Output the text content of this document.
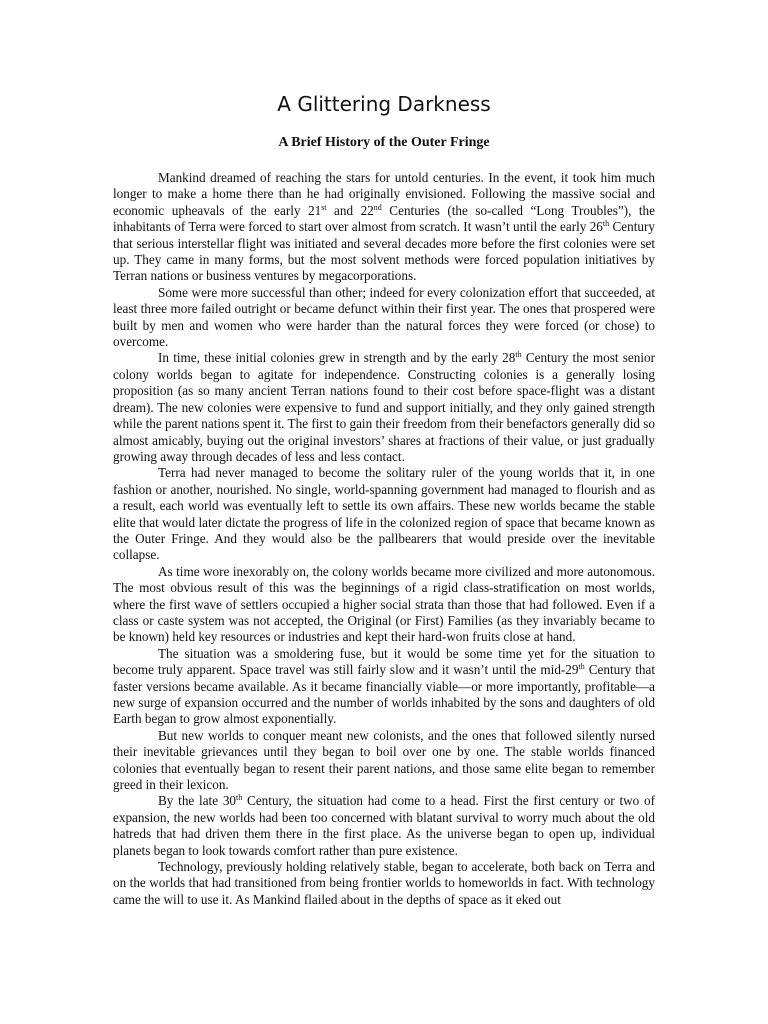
A Glittering Darkness
A Brief History of the Outer Fringe

Mankind dreamed of reaching the stars for untold centuries. In the event, it took him much longer to make a home there than he had originally envisioned. Following the massive social and economic upheavals of the early 21st and 22nd Centuries (the so-called “Long Troubles”), the inhabitants of Terra were forced to start over almost from scratch. It wasn’t until the early 26th Century that serious interstellar flight was initiated and several decades more before the first colonies were set up. They came in many forms, but the most solvent methods were forced population initiatives by Terran nations or business ventures by megacorporations.

Some were more successful than other; indeed for every colonization effort that succeeded, at least three more failed outright or became defunct within their first year. The ones that prospered were built by men and women who were harder than the natural forces they were forced (or chose) to overcome.

In time, these initial colonies grew in strength and by the early 28th Century the most senior colony worlds began to agitate for independence. Constructing colonies is a generally losing proposition (as so many ancient Terran nations found to their cost before space-flight was a distant dream). The new colonies were expensive to fund and support initially, and they only gained strength while the parent nations spent it. The first to gain their freedom from their benefactors generally did so almost amicably, buying out the original investors’ shares at fractions of their value, or just gradually growing away through decades of less and less contact.

Terra had never managed to become the solitary ruler of the young worlds that it, in one fashion or another, nourished. No single, world-spanning government had managed to flourish and as a result, each world was eventually left to settle its own affairs. These new worlds became the stable elite that would later dictate the progress of life in the colonized region of space that became known as the Outer Fringe. And they would also be the pallbearers that would preside over the inevitable collapse.

As time wore inexorably on, the colony worlds became more civilized and more autonomous. The most obvious result of this was the beginnings of a rigid class-stratification on most worlds, where the first wave of settlers occupied a higher social strata than those that had followed. Even if a class or caste system was not accepted, the Original (or First) Families (as they invariably became to be known) held key resources or industries and kept their hard-won fruits close at hand.

The situation was a smoldering fuse, but it would be some time yet for the situation to become truly apparent. Space travel was still fairly slow and it wasn’t until the mid-29th Century that faster versions became available. As it became financially viable—or more importantly, profitable—a new surge of expansion occurred and the number of worlds inhabited by the sons and daughters of old Earth began to grow almost exponentially.

But new worlds to conquer meant new colonists, and the ones that followed silently nursed their inevitable grievances until they began to boil over one by one. The stable worlds financed colonies that eventually began to resent their parent nations, and those same elite began to remember greed in their lexicon.

By the late 30th Century, the situation had come to a head. First the first century or two of expansion, the new worlds had been too concerned with blatant survival to worry much about the old hatreds that had driven them there in the first place. As the universe began to open up, individual planets began to look towards comfort rather than pure existence.

Technology, previously holding relatively stable, began to accelerate, both back on Terra and on the worlds that had transitioned from being frontier worlds to homeworlds in fact. With technology came the will to use it. As Mankind flailed about in the depths of space as it eked out
